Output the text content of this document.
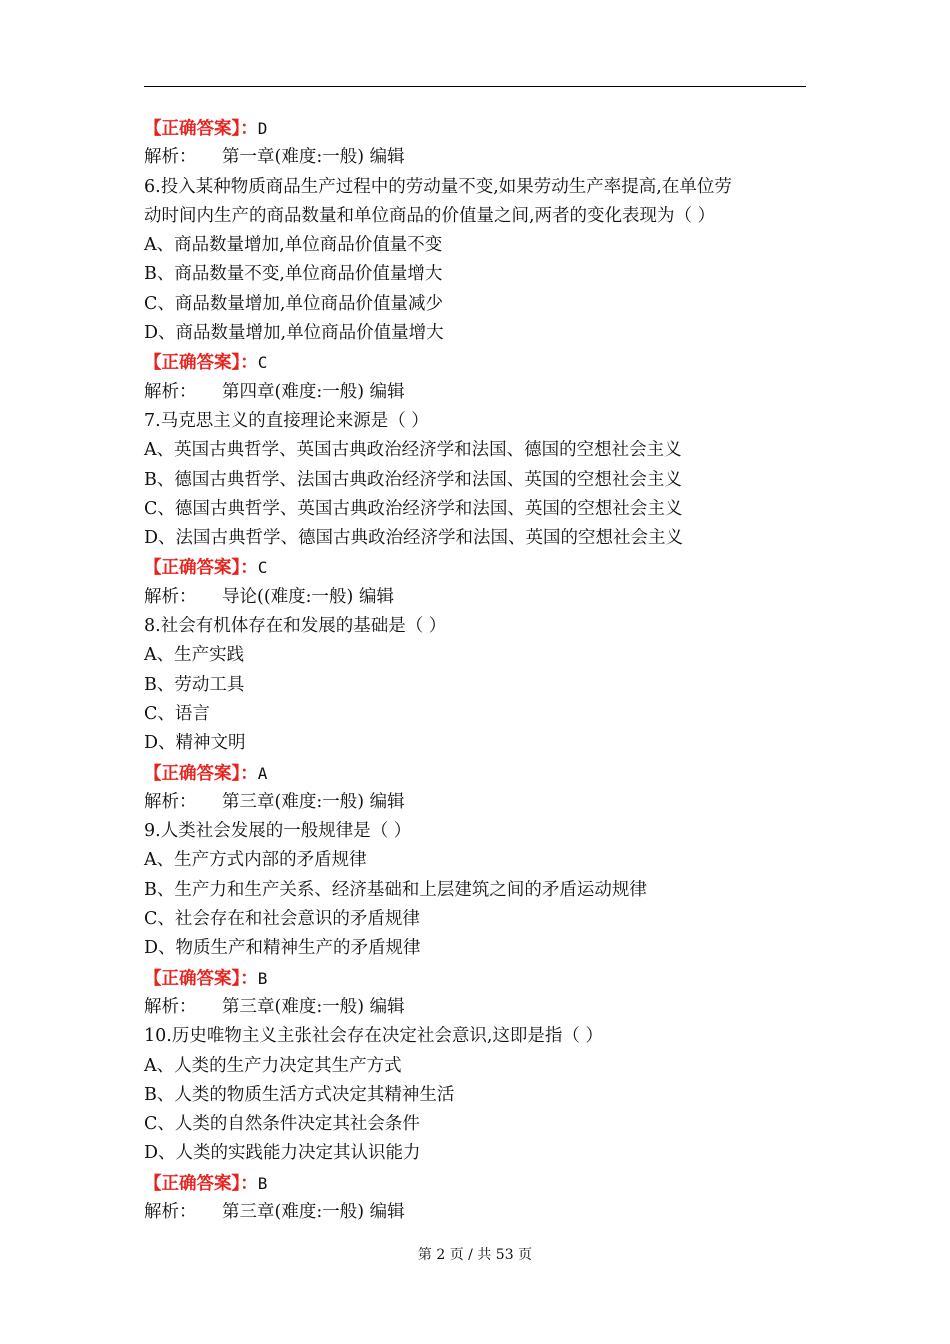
【正确答案】：D
解析： 第一章(难度:一般) 编辑
6.投入某种物质商品生产过程中的劳动量不变,如果劳动生产率提高,在单位劳
动时间内生产的商品数量和单位商品的价值量之间,两者的变化表现为（ ）
A、商品数量增加,单位商品价值量不变
B、商品数量不变,单位商品价值量增大
C、商品数量增加,单位商品价值量减少
D、商品数量增加,单位商品价值量增大
【正确答案】：C
解析： 第四章(难度:一般) 编辑
7.马克思主义的直接理论来源是（ ）
A、英国古典哲学、英国古典政治经济学和法国、德国的空想社会主义
B、德国古典哲学、法国古典政治经济学和法国、英国的空想社会主义
C、德国古典哲学、英国古典政治经济学和法国、英国的空想社会主义
D、法国古典哲学、德国古典政治经济学和法国、英国的空想社会主义
【正确答案】：C
解析： 导论((难度:一般) 编辑
8.社会有机体存在和发展的基础是（ ）
A、生产实践
B、劳动工具
C、语言
D、精神文明
【正确答案】：A
解析： 第三章(难度:一般) 编辑
9.人类社会发展的一般规律是（ ）
A、生产方式内部的矛盾规律
B、生产力和生产关系、经济基础和上层建筑之间的矛盾运动规律
C、社会存在和社会意识的矛盾规律
D、物质生产和精神生产的矛盾规律
【正确答案】：B
解析： 第三章(难度:一般) 编辑
10.历史唯物主义主张社会存在决定社会意识,这即是指（ ）
A、人类的生产力决定其生产方式
B、人类的物质生活方式决定其精神生活
C、人类的自然条件决定其社会条件
D、人类的实践能力决定其认识能力
【正确答案】：B
解析： 第三章(难度:一般) 编辑
第 2 页 / 共 53 页
